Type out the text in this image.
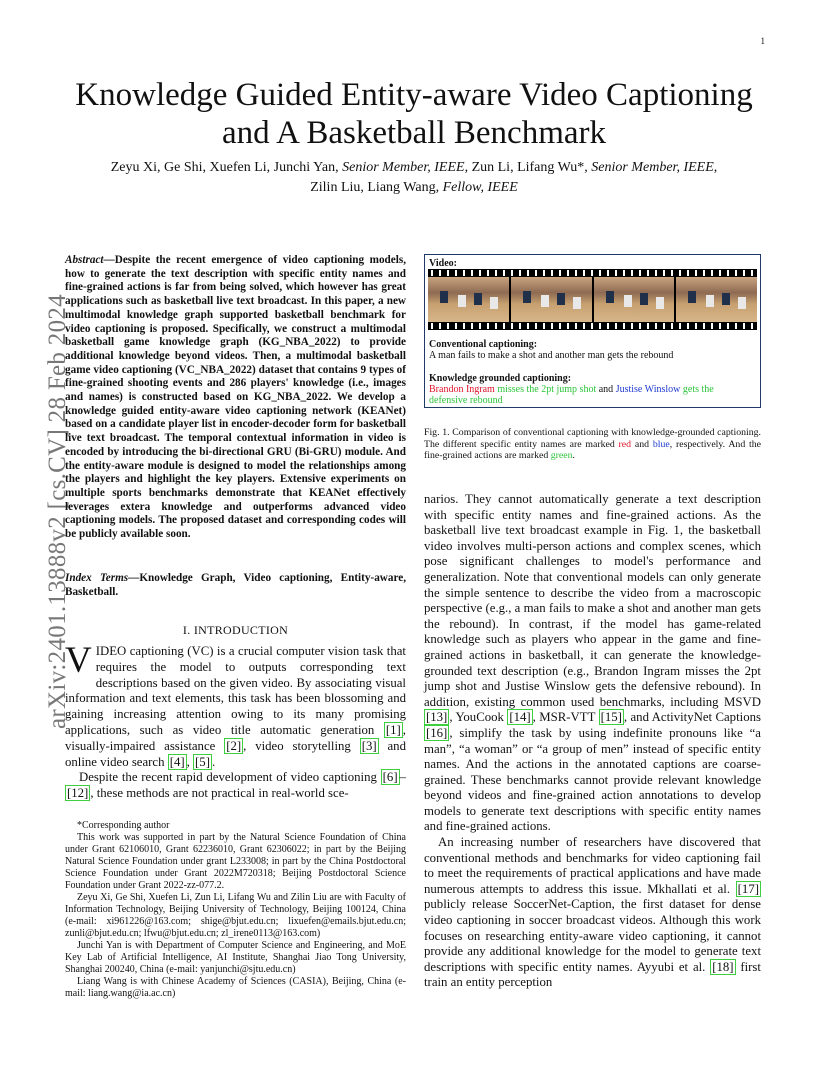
1
arXiv:2401.13888v2 [cs.CV] 28 Feb 2024
Knowledge Guided Entity-aware Video Captioning
and A Basketball Benchmark
Zeyu Xi, Ge Shi, Xuefen Li, Junchi Yan, Senior Member, IEEE, Zun Li, Lifang Wu*, Senior Member, IEEE,
Zilin Liu, Liang Wang, Fellow, IEEE
Abstract—Despite the recent emergence of video captioning models, how to generate the text description with specific entity names and fine-grained actions is far from being solved, which however has great applications such as basketball live text broadcast. In this paper, a new multimodal knowledge graph supported basketball benchmark for video captioning is proposed. Specifically, we construct a multimodal basketball game knowledge graph (KG_NBA_2022) to provide additional knowledge beyond videos. Then, a multimodal basketball game video captioning (VC_NBA_2022) dataset that contains 9 types of fine-grained shooting events and 286 players' knowledge (i.e., images and names) is constructed based on KG_NBA_2022. We develop a knowledge guided entity-aware video captioning network (KEANet) based on a candidate player list in encoder-decoder form for basketball live text broadcast. The temporal contextual information in video is encoded by introducing the bi-directional GRU (Bi-GRU) module. And the entity-aware module is designed to model the relationships among the players and highlight the key players. Extensive experiments on multiple sports benchmarks demonstrate that KEANet effectively leverages extera knowledge and outperforms advanced video captioning models. The proposed dataset and corresponding codes will be publicly available soon.
Index Terms—Knowledge Graph, Video captioning, Entity-aware, Basketball.
I. INTRODUCTION
VIDEO captioning (VC) is a crucial computer vision task that requires the model to outputs corresponding text descriptions based on the given video. By associating visual information and text elements, this task has been blossoming and gaining increasing attention owing to its many promising applications, such as video title automatic generation [1] , visually-impaired assistance [2] , video storytelling [3] and online video search [4] , [5] .
Despite the recent rapid development of video captioning [6] –[12] , these methods are not practical in real-world sce-

*Corresponding author

This work was supported in part by the Natural Science Foundation of China under Grant 62106010, Grant 62236010, Grant 62306022; in part by the Beijing Natural Science Foundation under grant L233008; in part by the China Postdoctoral Science Foundation under Grant 2022M720318; Beijing Postdoctoral Science Foundation under Grant 2022-zz-077.2.

Zeyu Xi, Ge Shi, Xuefen Li, Zun Li, Lifang Wu and Zilin Liu are with Faculty of Information Technology, Beijing University of Technology, Beijing 100124, China (e-mail: xi961226@163.com; shige@bjut.edu.cn; lixuefen@emails.bjut.edu.cn; zunli@bjut.edu.cn; lfwu@bjut.edu.cn; zl_irene0113@163.com)

Junchi Yan is with Department of Computer Science and Engineering, and MoE Key Lab of Artificial Intelligence, AI Institute, Shanghai Jiao Tong University, Shanghai 200240, China (e-mail: yanjunchi@sjtu.edu.cn)

Liang Wang is with Chinese Academy of Sciences (CASIA), Beijing, China (e-mail: liang.wang@ia.ac.cn)

Video:
Conventional captioning:
A man fails to make a shot and another man gets the rebound
Knowledge grounded captioning:
Brandon Ingram misses the 2pt jump shot and Justise Winslow gets the defensive rebound
Fig. 1. Comparison of conventional captioning with knowledge-grounded captioning. The different specific entity names are marked red and blue, respectively. And the fine-grained actions are marked green.

narios. They cannot automatically generate a text description with specific entity names and fine-grained actions. As the basketball live text broadcast example in Fig. 1, the basketball video involves multi-person actions and complex scenes, which pose significant challenges to model's performance and generalization. Note that conventional models can only generate the simple sentence to describe the video from a macroscopic perspective (e.g., a man fails to make a shot and another man gets the rebound). In contrast, if the model has game-related knowledge such as players who appear in the game and fine-grained actions in basketball, it can generate the knowledge-grounded text description (e.g., Brandon Ingram misses the 2pt jump shot and Justise Winslow gets the defensive rebound). In addition, existing common used benchmarks, including MSVD [13] , YouCook [14] , MSR-VTT [15] , and ActivityNet Captions [16] , simplify the task by using indefinite pronouns like “a man”, “a woman” or “a group of men” instead of specific entity names. And the actions in the annotated captions are coarse-grained. These benchmarks cannot provide relevant knowledge beyond videos and fine-grained action annotations to develop models to generate text descriptions with specific entity names and fine-grained actions.

An increasing number of researchers have discovered that conventional methods and benchmarks for video captioning fail to meet the requirements of practical applications and have made numerous attempts to address this issue. Mkhallati et al. [17] publicly release SoccerNet-Caption, the first dataset for dense video captioning in soccer broadcast videos. Although this work focuses on researching entity-aware video captioning, it cannot provide any additional knowledge for the model to generate text descriptions with specific entity names. Ayyubi et al. [18] first train an entity perception
